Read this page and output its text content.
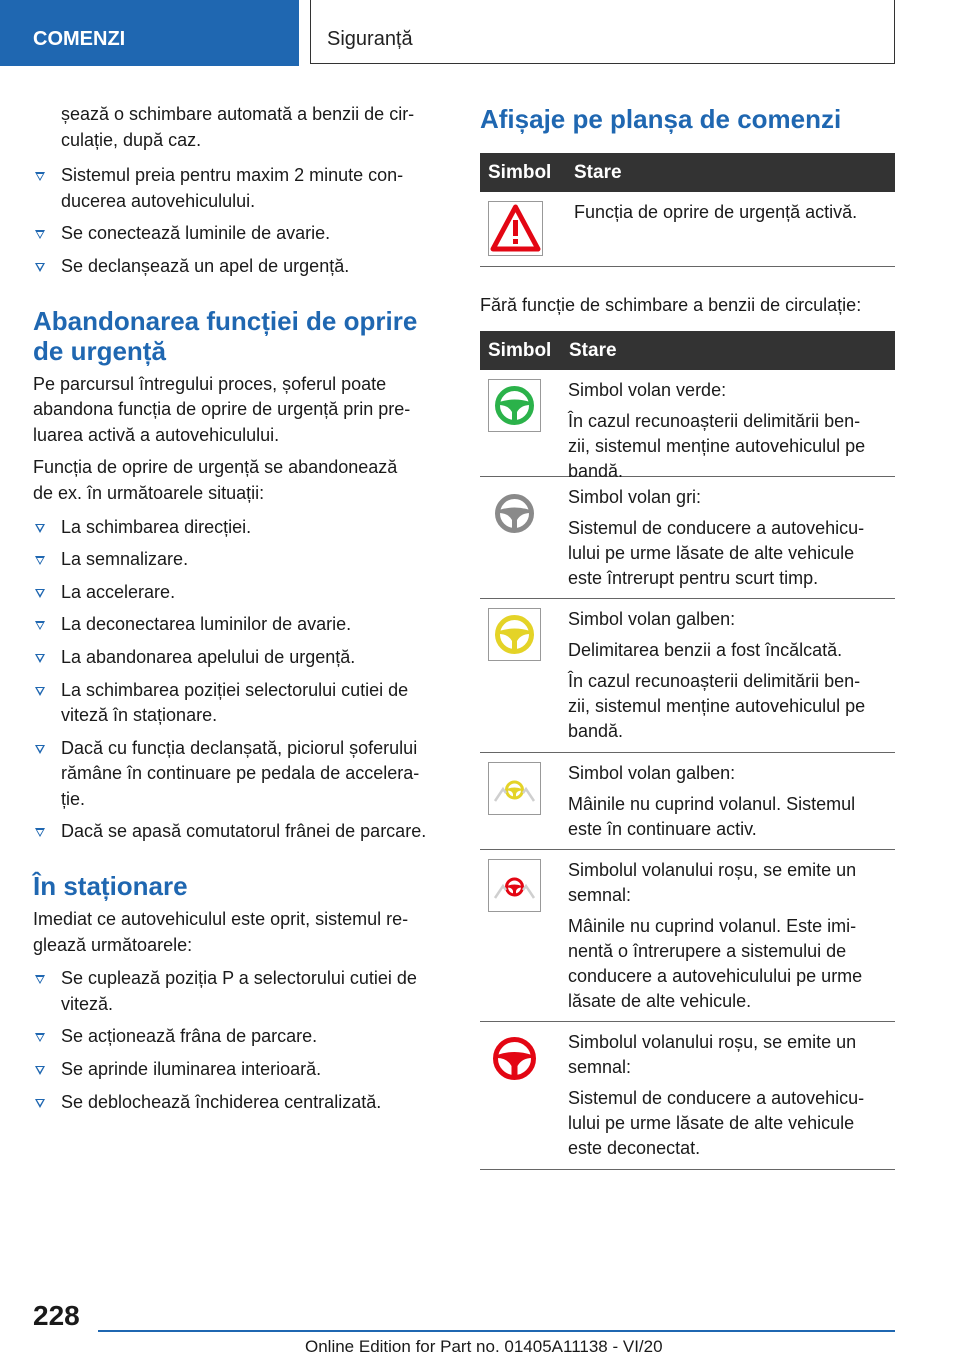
COMENZI	Siguranță

șează o schimbare automată a benzii de cir-
culație, după caz.

Sistemul preia pentru maxim 2 minute con-
ducerea autovehiculului.
Se conectează luminile de avarie.
Se declanșează un apel de urgență.
Abandonarea funcției de oprire
de urgență

Pe parcursul întregului proces, șoferul poate
abandona funcția de oprire de urgență prin pre-
luarea activă a autovehiculului.

Funcția de oprire de urgență se abandonează
de ex. în următoarele situații:

La schimbarea direcției.
La semnalizare.
La accelerare.
La deconectarea luminilor de avarie.
La abandonarea apelului de urgență.
La schimbarea poziției selectorului cutiei de
viteză în staționare.
Dacă cu funcția declanșată, piciorul șoferului
rămâne în continuare pe pedala de accelera-
ție.
Dacă se apasă comutatorul frânei de parcare.
În staționare

Imediat ce autovehiculul este oprit, sistemul re-
glează următoarele:

Se cuplează poziția P a selectorului cutiei de
viteză.
Se acționează frâna de parcare.
Se aprinde iluminarea interioară.
Se deblochează închiderea centralizată.
Afișaje pe planșa de comenzi
Simbol Stare
Funcția de oprire de urgență activă.

Fără funcție de schimbare a benzii de circulație:

Simbol Stare
Simbol volan verde:
În cazul recunoașterii delimitării ben-
zii, sistemul menține autovehiculul pe
bandă.
Simbol volan gri:
Sistemul de conducere a autovehicu-
lului pe urme lăsate de alte vehicule
este întrerupt pentru scurt timp.
Simbol volan galben:
Delimitarea benzii a fost încălcată.
În cazul recunoașterii delimitării ben-
zii, sistemul menține autovehiculul pe
bandă.
Simbol volan galben:
Mâinile nu cuprind volanul. Sistemul
este în continuare activ.
Simbolul volanului roșu, se emite un
semnal:
Mâinile nu cuprind volanul. Este imi-
nentă o întrerupere a sistemului de
conducere a autovehiculului pe urme
lăsate de alte vehicule.
Simbolul volanului roșu, se emite un
semnal:
Sistemul de conducere a autovehicu-
lului pe urme lăsate de alte vehicule
este deconectat.
228
Online Edition for Part no. 01405A11138 - VI/20
